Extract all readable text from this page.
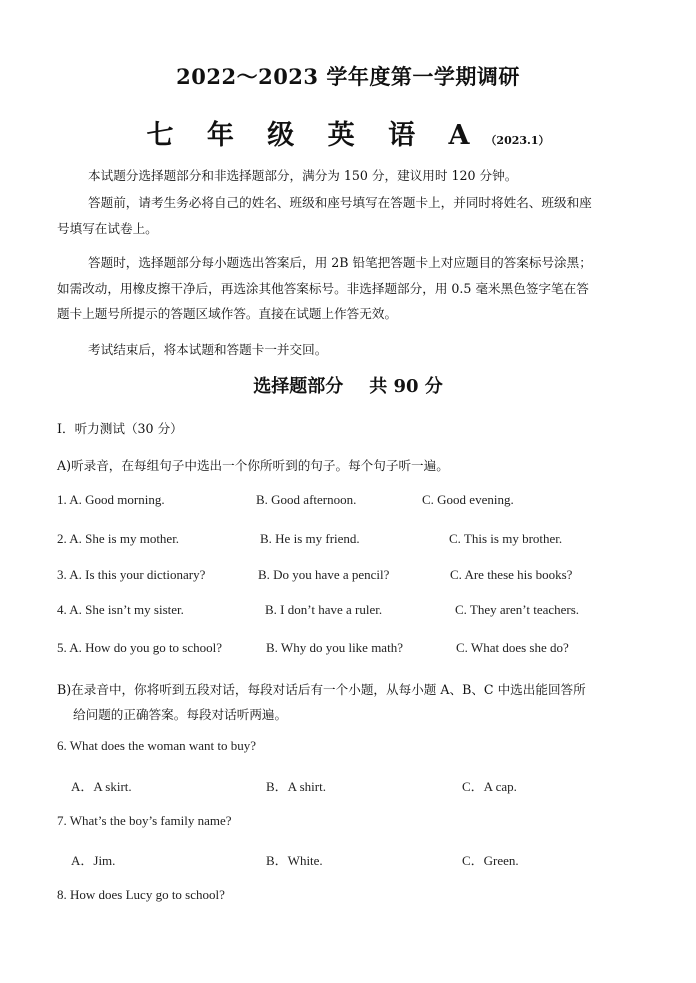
2022～2023 学年度第一学期调研
七 年 级 英 语 A （2023.1）
本试题分选择题部分和非选择题部分，满分为 150 分，建议用时 120 分钟。
答题前，请考生务必将自己的姓名、班级和座号填写在答题卡上，并同时将姓名、班级和座
号填写在试卷上。
答题时，选择题部分每小题选出答案后，用 2B 铅笔把答题卡上对应题目的答案标号涂黑；
如需改动，用橡皮擦干净后，再选涂其他答案标号。非选择题部分，用 0.5 毫米黑色签字笔在答
题卡上题号所提示的答题区域作答。直接在试题上作答无效。
考试结束后，将本试题和答题卡一并交回。
选择题部分 共 90 分
I．听力测试（30 分）
A)听录音，在每组句子中选出一个你所听到的句子。每个句子听一遍。
1. A. Good morning.	B. Good afternoon.	C. Good evening.
2. A. She is my mother.	B. He is my friend.	C. This is my brother.
3. A. Is this your dictionary?	B. Do you have a pencil?	C. Are these his books?
4. A. She isn’t my sister.	B. I don’t have a ruler.	C. They aren’t teachers.
5. A. How do you go to school?	B. Why do you like math?	C. What does she do?
B)在录音中，你将听到五段对话，每段对话后有一个小题，从每小题 A、B、C 中选出能回答所
给问题的正确答案。每段对话听两遍。
6. What does the woman want to buy?
A．A skirt.	B．A shirt.	C．A cap.
7. What’s the boy’s family name?
A．Jim.	B．White.	C．Green.
8. How does Lucy go to school?
